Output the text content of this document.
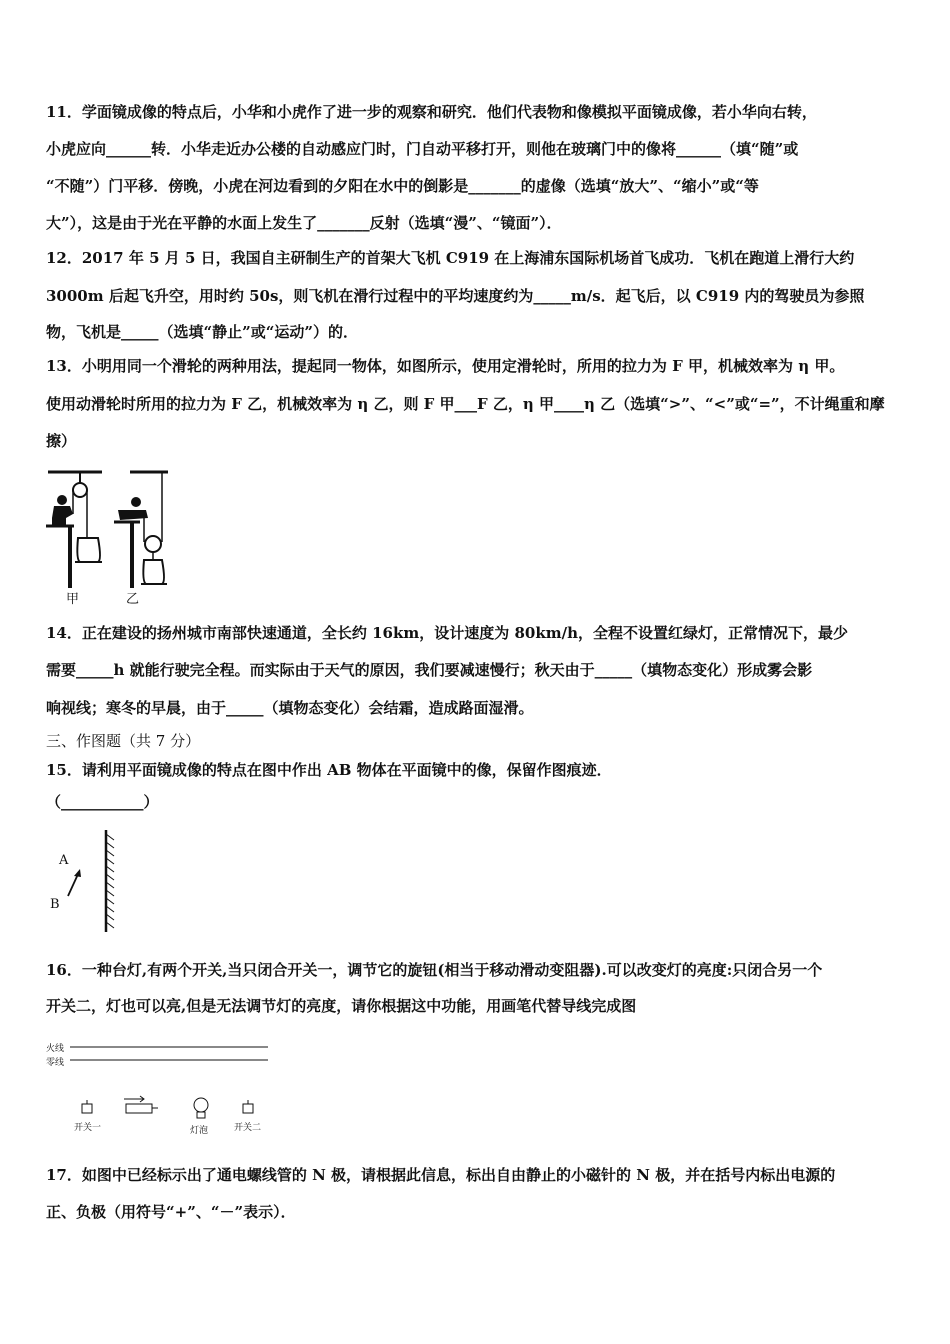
11．学面镜成像的特点后，小华和小虎作了进一步的观察和研究．他们代表物和像模拟平面镜成像，若小华向右转，
小虎应向______转．小华走近办公楼的自动感应门时，门自动平移打开，则他在玻璃门中的像将______（填“随”或
“不随”）门平移．傍晚，小虎在河边看到的夕阳在水中的倒影是_______的虚像（选填“放大”、“缩小”或“等
大”），这是由于光在平静的水面上发生了_______反射（选填“漫”、“镜面”）．
12．2017 年 5 月 5 日，我国自主研制生产的首架大飞机 C919 在上海浦东国际机场首飞成功．飞机在跑道上滑行大约
3000m 后起飞升空，用时约 50s，则飞机在滑行过程中的平均速度约为_____m/s．起飞后，以 C919 内的驾驶员为参照
物，飞机是_____（选填“静止”或“运动”）的．
13．小明用同一个滑轮的两种用法，提起同一物体，如图所示，使用定滑轮时，所用的拉力为 F 甲，机械效率为 η 甲。
使用动滑轮时所用的拉力为 F 乙，机械效率为 η 乙，则 F 甲___F 乙，η 甲____η 乙（选填“>”、“<”或“=”，不计绳重和摩
擦）
甲	乙
14．正在建设的扬州城市南部快速通道，全长约 16km，设计速度为 80km/h，全程不设置红绿灯，正常情况下，最少
需要_____h 就能行驶完全程。而实际由于天气的原因，我们要减速慢行；秋天由于_____（填物态变化）形成雾会影
响视线；寒冬的早晨，由于_____（填物态变化）会结霜，造成路面湿滑。
三、作图题（共 7 分）
15．请利用平面镜成像的特点在图中作出 AB 物体在平面镜中的像，保留作图痕迹．
（___________）
A
B
16．一种台灯,有两个开关,当只闭合开关一，调节它的旋钮(相当于移动滑动变阻器).可以改变灯的亮度:只闭合另一个
开关二，灯也可以亮,但是无法调节灯的亮度，请你根据这中功能，用画笔代替导线完成图
火线
零线
开关一	灯泡	开关二
17．如图中已经标示出了通电螺线管的 N 极，请根据此信息，标出自由静止的小磁针的 N 极，并在括号内标出电源的
正、负极（用符号“+”、“－”表示）．
